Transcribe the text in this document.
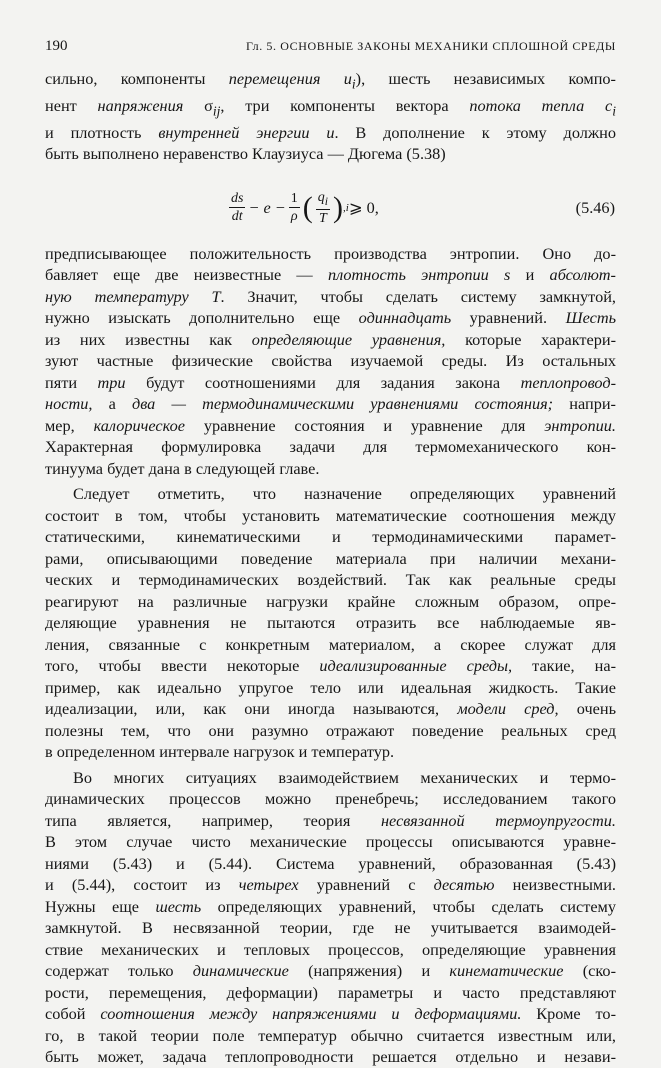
190	Гл. 5. ОСНОВНЫЕ ЗАКОНЫ МЕХАНИКИ СПЛОШНОЙ СРЕДЫ
сильно, компоненты перемещения $u_i$), шесть независимых компо-
нент напряжения $\sigma_{ij}$, три компоненты вектора потока тепла $c_i$
и плотность внутренней энергии u. В дополнение к этому должно
быть выполнено неравенство Клаузиуса — Дюгема (5.38)
$\frac{ds}{dt} - e - \frac{1}{\rho}$ ( $\frac{q_i}{T}$ ) ,i ⩾ 0,	(5.46)
предписывающее положительность производства энтропии. Оно до-
бавляет еще две неизвестные — плотность энтропии s и абсолют-
ную температуру T. Значит, чтобы сделать систему замкнутой,
нужно изыскать дополнительно еще одиннадцать уравнений. Шесть
из них известны как определяющие уравнения, которые характери-
зуют частные физические свойства изучаемой среды. Из остальных
пяти три будут соотношениями для задания закона теплопровод-
ности, а два — термодинамическими уравнениями состояния; напри-
мер, калорическое уравнение состояния и уравнение для энтропии.
Характерная формулировка задачи для термомеханического кон-
тинуума будет дана в следующей главе.
Следует отметить, что назначение определяющих уравнений
состоит в том, чтобы установить математические соотношения между
статическими, кинематическими и термодинамическими парамет-
рами, описывающими поведение материала при наличии механи-
ческих и термодинамических воздействий. Так как реальные среды
реагируют на различные нагрузки крайне сложным образом, опре-
деляющие уравнения не пытаются отразить все наблюдаемые яв-
ления, связанные с конкретным материалом, а скорее служат для
того, чтобы ввести некоторые идеализированные среды, такие, на-
пример, как идеально упругое тело или идеальная жидкость. Такие
идеализации, или, как они иногда называются, модели сред, очень
полезны тем, что они разумно отражают поведение реальных сред
в определенном интервале нагрузок и температур.
Во многих ситуациях взаимодействием механических и термо-
динамических процессов можно пренебречь; исследованием такого
типа является, например, теория несвязанной термоупругости.
В этом случае чисто механические процессы описываются уравне-
ниями (5.43) и (5.44). Система уравнений, образованная (5.43)
и (5.44), состоит из четырех уравнений с десятью неизвестными.
Нужны еще шесть определяющих уравнений, чтобы сделать систему
замкнутой. В несвязанной теории, где не учитывается взаимодей-
ствие механических и тепловых процессов, определяющие уравнения
содержат только динамические (напряжения) и кинематические (ско-
рости, перемещения, деформации) параметры и часто представляют
собой соотношения между напряжениями и деформациями. Кроме то-
го, в такой теории поле температур обычно считается известным или,
быть может, задача теплопроводности решается отдельно и незави-
